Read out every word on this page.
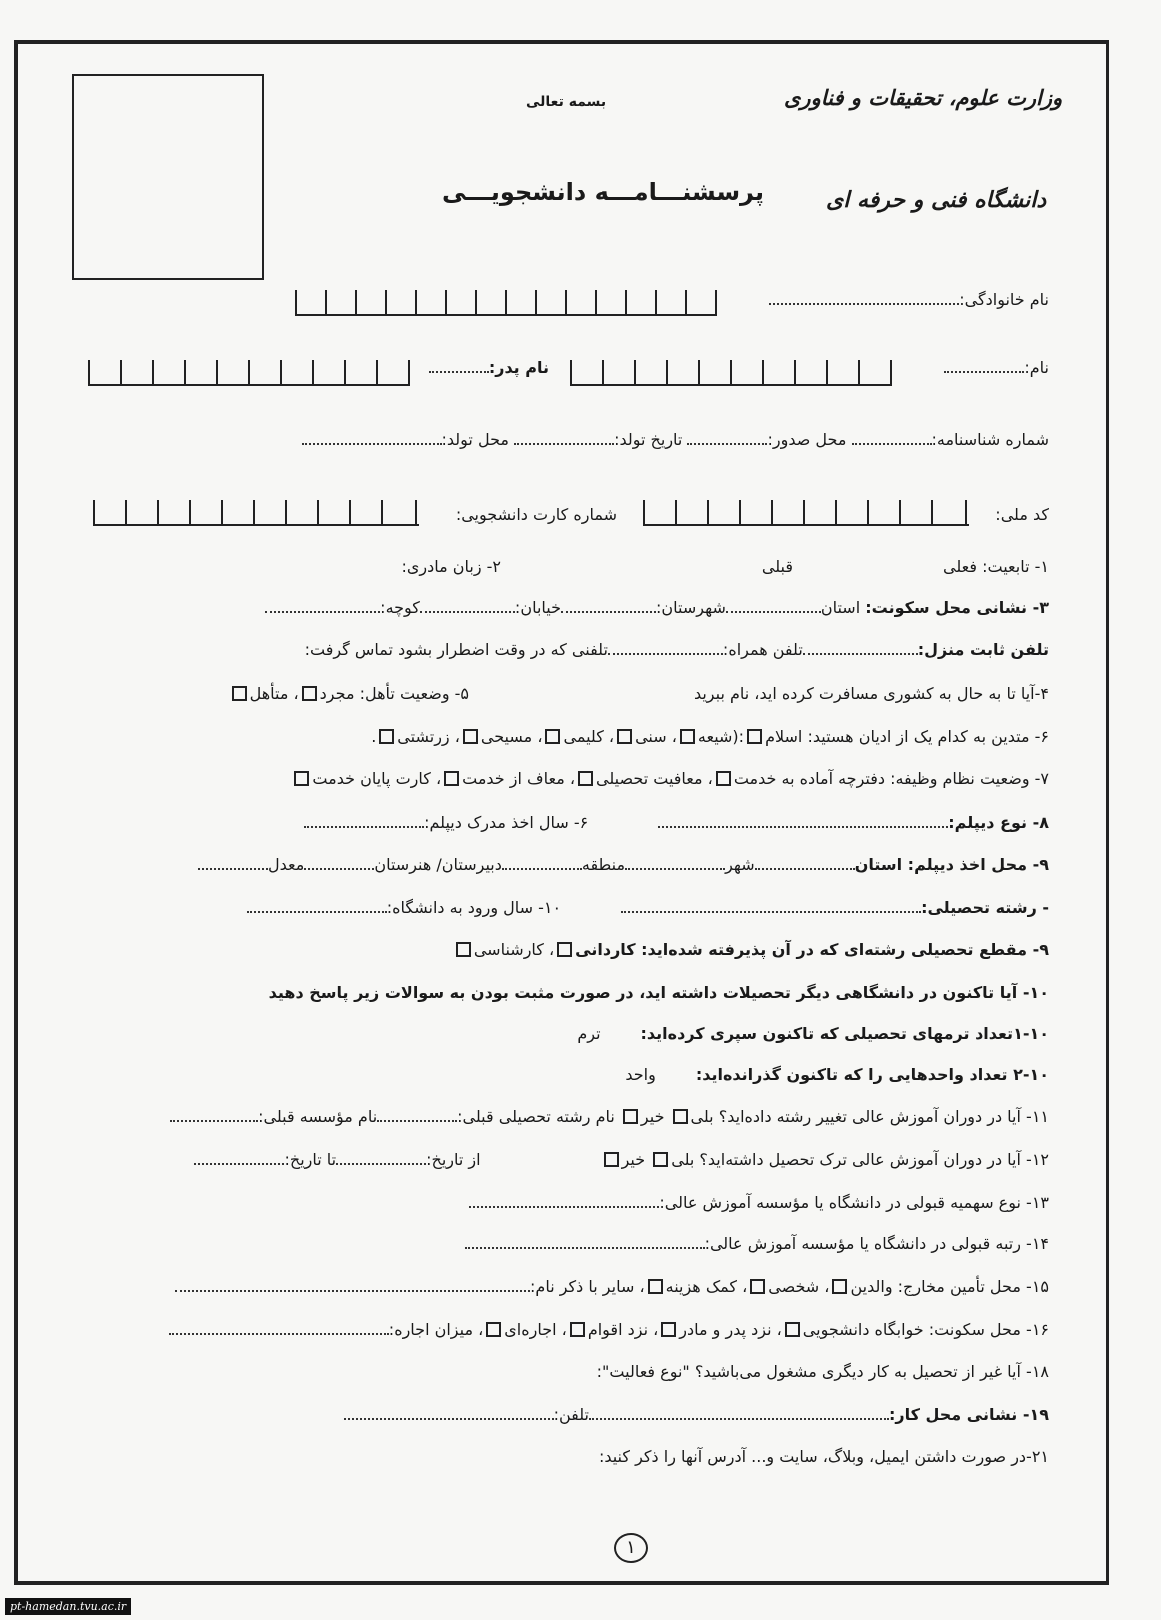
بسمه تعالی	وزارت علوم، تحقیقات و فناوری
پرسشنـــامـــه دانشجویـــی	دانشگاه فنی و حرفه ای
نام خانوادگی:
نام:
نام پدر:
شماره شناسنامه: محل صدور: تاریخ تولد: محل تولد:
کد ملی:
شماره کارت دانشجویی:
۱- تابعیت: فعلیقبلی
۲- زبان مادری:
۳- نشانی محل سکونت: استانشهرستان:خیابان:کوچه:
تلفن ثابت منزل:تلفن همراه:تلفنی که در وقت اضطرار بشود تماس گرفت:
۴-آیا تا به حال به کشوری مسافرت کرده اید، نام ببرید
۵- وضعیت تأهل: مجرد، متأهل
۶- متدین به کدام یک از ادیان هستید: اسلام:(شیعه، سنی، کلیمی، مسیحی، زرتشتی.
۷- وضعیت نظام وظیفه: دفترچه آماده به خدمت، معافیت تحصیلی، معاف از خدمت، کارت پایان خدمت
۸- نوع دیپلم:۶- سال اخذ مدرک دیپلم:
۹- محل اخذ دیپلم: استانشهرمنطقهدبیرستان/ هنرستانمعدل
- رشته تحصیلی:۱۰- سال ورود به دانشگاه:
۹- مقطع تحصیلی رشته‌ای که در آن پذیرفته شده‌اید: کاردانی، کارشناسی
۱۰- آیا تاکنون در دانشگاهی دیگر تحصیلات داشته اید، در صورت مثبت بودن به سوالات زیر پاسخ دهید
۱-۱۰تعداد ترمهای تحصیلی که تاکنون سپری کرده‌اید:ترم
۲-۱۰ تعداد واحدهایی را که تاکنون گذرانده‌اید:واحد
۱۱- آیا در دوران آموزش عالی تغییر رشته داده‌اید؟ بلی خیر نام رشته تحصیلی قبلی:نام مؤسسه قبلی:
۱۲- آیا در دوران آموزش عالی ترک تحصیل داشته‌اید؟ بلی خیراز تاریخ:تا تاریخ:
۱۳- نوع سهمیه قبولی در دانشگاه یا مؤسسه آموزش عالی:
۱۴- رتبه قبولی در دانشگاه یا مؤسسه آموزش عالی:
۱۵- محل تأمین مخارج: والدین، شخصی، کمک هزینه، سایر با ذکر نام:
۱۶- محل سکونت: خوابگاه دانشجویی، نزد پدر و مادر، نزد اقوام، اجاره‌ای، میزان اجاره:
۱۸- آیا غیر از تحصیل به کار دیگری مشغول می‌باشید؟ "نوع فعالیت":
۱۹- نشانی محل کار:تلفن:
۲۱-در صورت داشتن ایمیل، وبلاگ، سایت و... آدرس آنها را ذکر کنید:
۱
pt-hamedan.tvu.ac.ir
